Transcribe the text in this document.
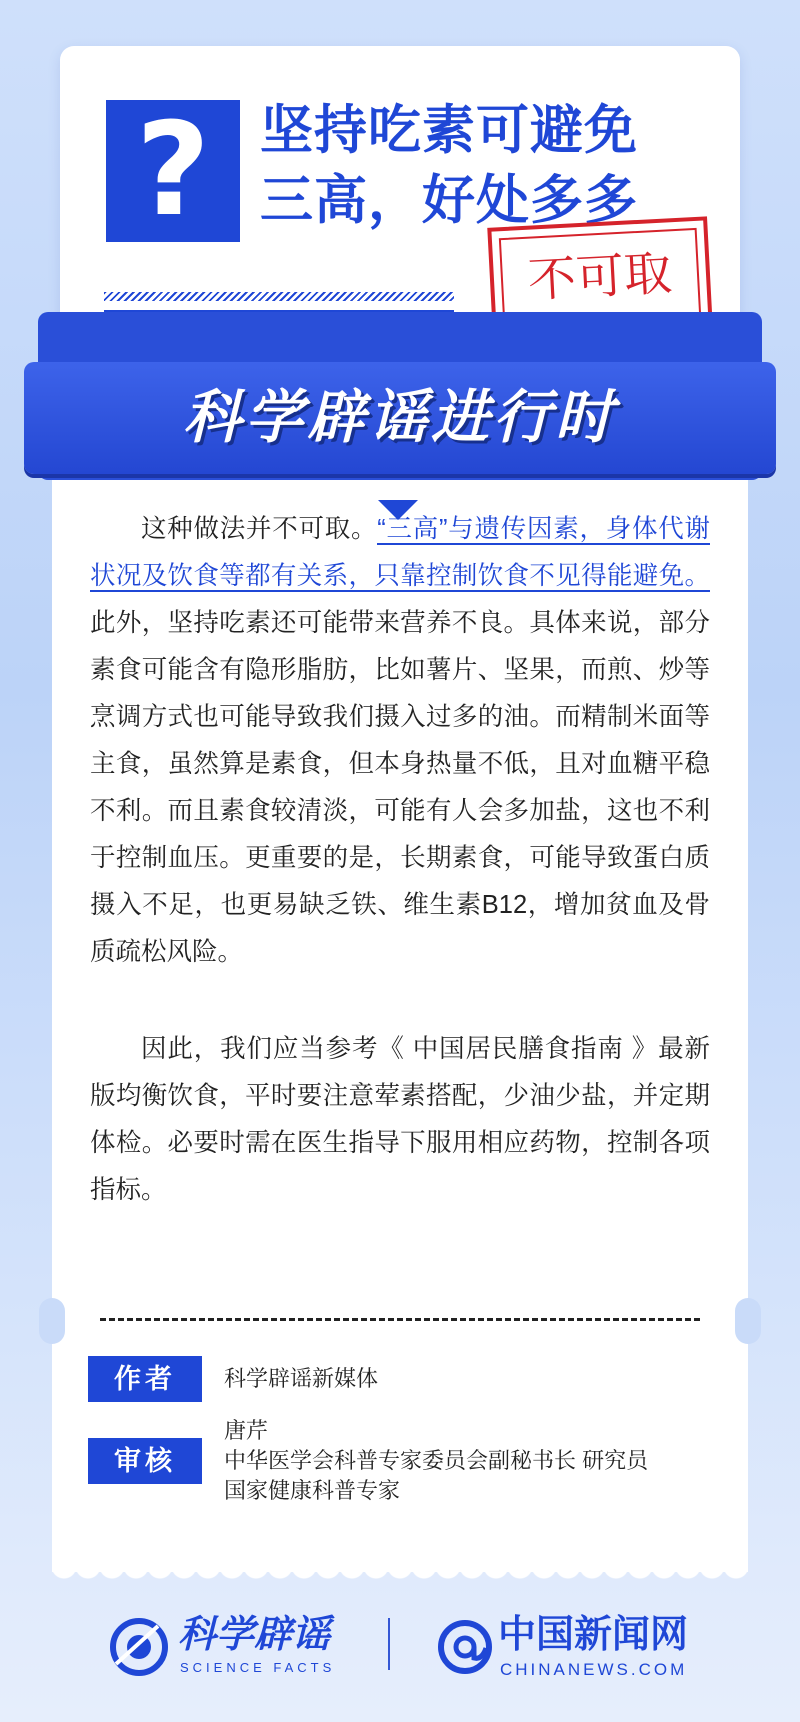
? 坚持吃素可避免
三高，好处多多
不可取
科学辟谣进行时

这种做法并不可取。“三高”与遗传因素，身体代谢状况及饮食等都有关系，只靠控制饮食不见得能避免。此外，坚持吃素还可能带来营养不良。具体来说，部分素食可能含有隐形脂肪，比如薯片、坚果，而煎、炒等烹调方式也可能导致我们摄入过多的油。而精制米面等主食，虽然算是素食，但本身热量不低，且对血糖平稳不利。而且素食较清淡，可能有人会多加盐，这也不利于控制血压。更重要的是，长期素食，可能导致蛋白质摄入不足，也更易缺乏铁、维生素B12，增加贫血及骨质疏松风险。

因此，我们应当参考《 中国居民膳食指南 》最新版均衡饮食，平时要注意荤素搭配，少油少盐，并定期体检。必要时需在医生指导下服用相应药物，控制各项指标。

作者	科学辟谣新媒体
审核
唐芹
中华医学会科普专家委员会副秘书长 研究员
国家健康科普专家
科学辟谣
SCIENCE FACTS
中国新闻网
CHINANEWS.COM
